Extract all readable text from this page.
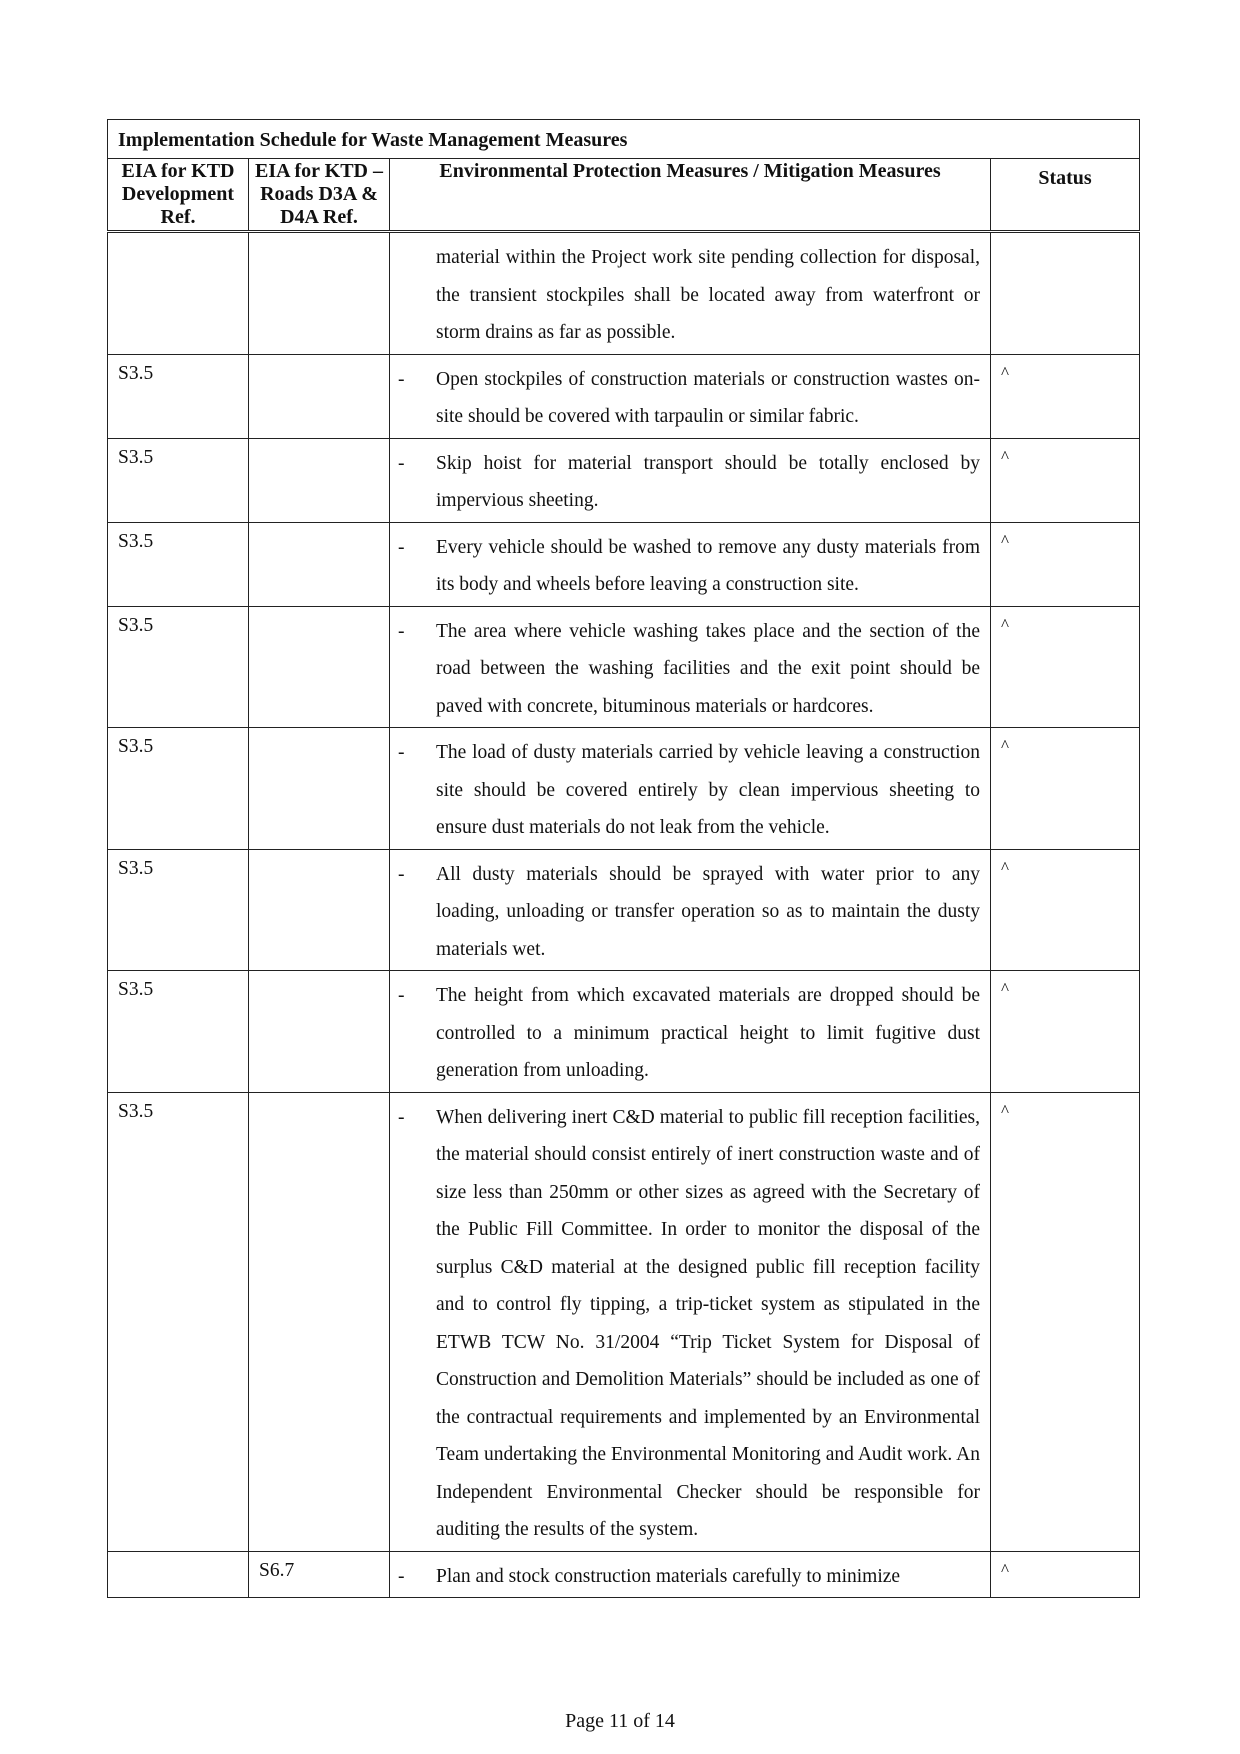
Implementation Schedule for Waste Management Measures			
EIA for KTD Development Ref.	EIA for KTD – Roads D3A & D4A Ref.	Environmental Protection Measures / Mitigation Measures	Status

		material within the Project work site pending collection for disposal, the transient stockpiles shall be located away from waterfront or storm drains as far as possible.	

S3.5		- Open stockpiles of construction materials or construction wastes on-site should be covered with tarpaulin or similar fabric.	^
S3.5		- Skip hoist for material transport should be totally enclosed by impervious sheeting.	^
S3.5		- Every vehicle should be washed to remove any dusty materials from its body and wheels before leaving a construction site.	^
S3.5		- The area where vehicle washing takes place and the section of the road between the washing facilities and the exit point should be paved with concrete, bituminous materials or hardcores.	^
S3.5		- The load of dusty materials carried by vehicle leaving a construction site should be covered entirely by clean impervious sheeting to ensure dust materials do not leak from the vehicle.	^
S3.5		- All dusty materials should be sprayed with water prior to any loading, unloading or transfer operation so as to maintain the dusty materials wet.	^
S3.5		- The height from which excavated materials are dropped should be controlled to a minimum practical height to limit fugitive dust generation from unloading.	^
S3.5		- When delivering inert C&D material to public fill reception facilities, the material should consist entirely of inert construction waste and of size less than 250mm or other sizes as agreed with the Secretary of the Public Fill Committee. In order to monitor the disposal of the surplus C&D material at the designed public fill reception facility and to control fly tipping, a trip-ticket system as stipulated in the ETWB TCW No. 31/2004 “Trip Ticket System for Disposal of Construction and Demolition Materials” should be included as one of the contractual requirements and implemented by an Environmental Team undertaking the Environmental Monitoring and Audit work. An Independent Environmental Checker should be responsible for auditing the results of the system.	^
	S6.7	- Plan and stock construction materials carefully to minimize	^
Page 11 of 14
